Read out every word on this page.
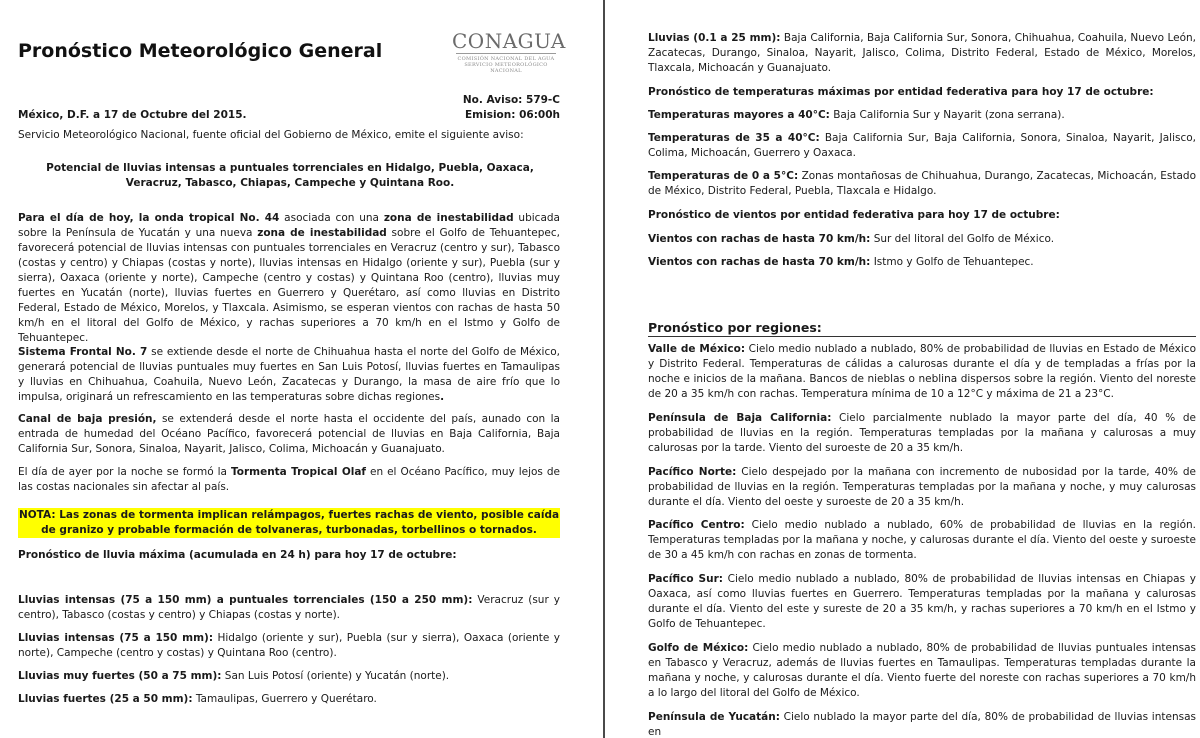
Pronóstico Meteorológico General	CONAGUA
COMISIÓN NACIONAL DEL AGUA
SERVICIO METEOROLÓGICO NACIONAL
No. Aviso: 579-C
México, D.F. a 17 de Octubre del 2015.	Emision: 06:00h
Servicio Meteorológico Nacional, fuente oficial del Gobierno de México, emite el siguiente aviso:
Potencial de lluvias intensas a puntuales torrenciales en Hidalgo, Puebla, Oaxaca, Veracruz, Tabasco, Chiapas, Campeche y Quintana Roo.

Para el día de hoy, la onda tropical No. 44 asociada con una zona de inestabilidad ubicada sobre la Península de Yucatán y una nueva zona de inestabilidad sobre el Golfo de Tehuantepec, favorecerá potencial de lluvias intensas con puntuales torrenciales en Veracruz (centro y sur), Tabasco (costas y centro) y Chiapas (costas y norte), lluvias intensas en Hidalgo (oriente y sur), Puebla (sur y sierra), Oaxaca (oriente y norte), Campeche (centro y costas) y Quintana Roo (centro), lluvias muy fuertes en Yucatán (norte), lluvias fuertes en Guerrero y Querétaro, así como lluvias en Distrito Federal, Estado de México, Morelos, y Tlaxcala. Asimismo, se esperan vientos con rachas de hasta 50 km/h en el litoral del Golfo de México, y rachas superiores a 70 km/h en el Istmo y Golfo de Tehuantepec.

Sistema Frontal No. 7 se extiende desde el norte de Chihuahua hasta el norte del Golfo de México, generará potencial de lluvias puntuales muy fuertes en San Luis Potosí, lluvias fuertes en Tamaulipas y lluvias en Chihuahua, Coahuila, Nuevo León, Zacatecas y Durango, la masa de aire frío que lo impulsa, originará un refrescamiento en las temperaturas sobre dichas regiones.

Canal de baja presión, se extenderá desde el norte hasta el occidente del país, aunado con la entrada de humedad del Océano Pacífico, favorecerá potencial de lluvias en Baja California, Baja California Sur, Sonora, Sinaloa, Nayarit, Jalisco, Colima, Michoacán y Guanajuato.

El día de ayer por la noche se formó la Tormenta Tropical Olaf en el Océano Pacífico, muy lejos de las costas nacionales sin afectar al país.

NOTA: Las zonas de tormenta implican relámpagos, fuertes rachas de viento, posible caída de granizo y probable formación de tolvaneras, turbonadas, torbellinos o tornados.
Pronóstico de lluvia máxima (acumulada en 24 h) para hoy 17 de octubre:

Lluvias intensas (75 a 150 mm) a puntuales torrenciales (150 a 250 mm): Veracruz (sur y centro), Tabasco (costas y centro) y Chiapas (costas y norte).

Lluvias intensas (75 a 150 mm): Hidalgo (oriente y sur), Puebla (sur y sierra), Oaxaca (oriente y norte), Campeche (centro y costas) y Quintana Roo (centro).

Lluvias muy fuertes (50 a 75 mm): San Luis Potosí (oriente) y Yucatán (norte).

Lluvias fuertes (25 a 50 mm): Tamaulipas, Guerrero y Querétaro.

Lluvias (0.1 a 25 mm): Baja California, Baja California Sur, Sonora, Chihuahua, Coahuila, Nuevo León, Zacatecas, Durango, Sinaloa, Nayarit, Jalisco, Colima, Distrito Federal, Estado de México, Morelos, Tlaxcala, Michoacán y Guanajuato.

Pronóstico de temperaturas máximas por entidad federativa para hoy 17 de octubre:

Temperaturas mayores a 40°C: Baja California Sur y Nayarit (zona serrana).

Temperaturas de 35 a 40°C: Baja California Sur, Baja California, Sonora, Sinaloa, Nayarit, Jalisco, Colima, Michoacán, Guerrero y Oaxaca.

Temperaturas de 0 a 5°C: Zonas montañosas de Chihuahua, Durango, Zacatecas, Michoacán, Estado de México, Distrito Federal, Puebla, Tlaxcala e Hidalgo.

Pronóstico de vientos por entidad federativa para hoy 17 de octubre:

Vientos con rachas de hasta 70 km/h: Sur del litoral del Golfo de México.

Vientos con rachas de hasta 70 km/h: Istmo y Golfo de Tehuantepec.

Pronóstico por regiones:

Valle de México: Cielo medio nublado a nublado, 80% de probabilidad de lluvias en Estado de México y Distrito Federal. Temperaturas de cálidas a calurosas durante el día y de templadas a frías por la noche e inicios de la mañana. Bancos de nieblas o neblina dispersos sobre la región. Viento del noreste de 20 a 35 km/h con rachas. Temperatura mínima de 10 a 12°C y máxima de 21 a 23°C.

Península de Baja California: Cielo parcialmente nublado la mayor parte del día, 40 % de probabilidad de lluvias en la región. Temperaturas templadas por la mañana y calurosas a muy calurosas por la tarde. Viento del suroeste de 20 a 35 km/h.

Pacífico Norte: Cielo despejado por la mañana con incremento de nubosidad por la tarde, 40% de probabilidad de lluvias en la región. Temperaturas templadas por la mañana y noche, y muy calurosas durante el día. Viento del oeste y suroeste de 20 a 35 km/h.

Pacífico Centro: Cielo medio nublado a nublado, 60% de probabilidad de lluvias en la región. Temperaturas templadas por la mañana y noche, y calurosas durante el día. Viento del oeste y suroeste de 30 a 45 km/h con rachas en zonas de tormenta.

Pacífico Sur: Cielo medio nublado a nublado, 80% de probabilidad de lluvias intensas en Chiapas y Oaxaca, así como lluvias fuertes en Guerrero. Temperaturas templadas por la mañana y calurosas durante el día. Viento del este y sureste de 20 a 35 km/h, y rachas superiores a 70 km/h en el Istmo y Golfo de Tehuantepec.

Golfo de México: Cielo medio nublado a nublado, 80% de probabilidad de lluvias puntuales intensas en Tabasco y Veracruz, además de lluvias fuertes en Tamaulipas. Temperaturas templadas durante la mañana y noche, y calurosas durante el día. Viento fuerte del noreste con rachas superiores a 70 km/h a lo largo del litoral del Golfo de México.

Península de Yucatán: Cielo nublado la mayor parte del día, 80% de probabilidad de lluvias intensas en
